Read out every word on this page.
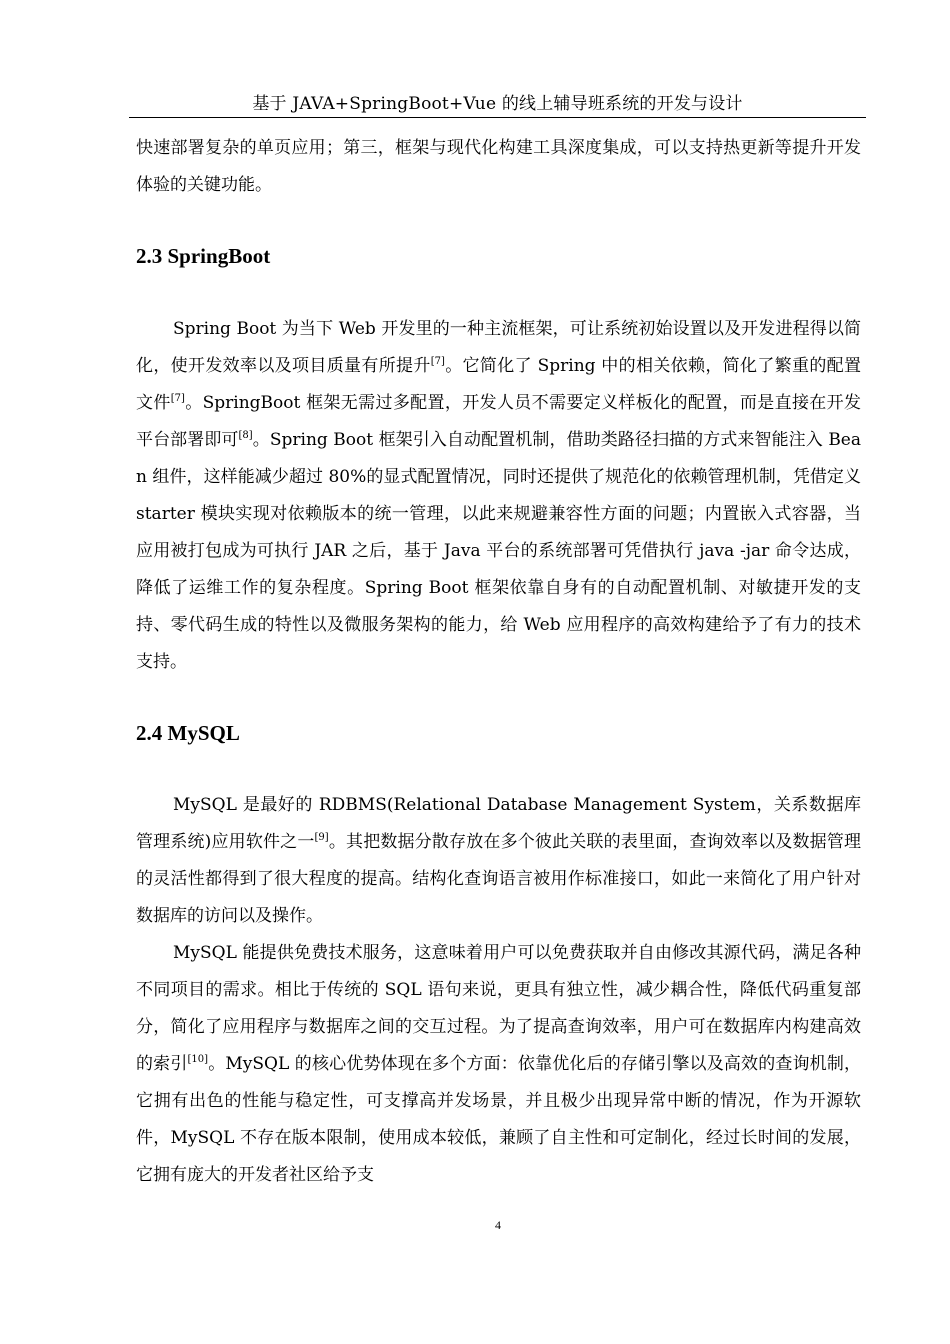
基于 JAVA+SpringBoot+Vue 的线上辅导班系统的开发与设计

快速部署复杂的单页应用；第三，框架与现代化构建工具深度集成，可以支持热更新等提升开发体验的关键功能。

2.3 SpringBoot

Spring Boot 为当下 Web 开发里的一种主流框架，可让系统初始设置以及开发进程得以简化，使开发效率以及项目质量有所提升[7]。它简化了 Spring 中的相关依赖，简化了繁重的配置文件[7]。SpringBoot 框架无需过多配置，开发人员不需要定义样板化的配置，而是直接在开发平台部署即可[8]。Spring Boot 框架引入自动配置机制，借助类路径扫描的方式来智能注入 Bean 组件，这样能减少超过 80%的显式配置情况，同时还提供了规范化的依赖管理机制，凭借定义 starter 模块实现对依赖版本的统一管理，以此来规避兼容性方面的问题；内置嵌入式容器，当应用被打包成为可执行 JAR 之后，基于 Java 平台的系统部署可凭借执行 java -jar 命令达成，降低了运维工作的复杂程度。Spring Boot 框架依靠自身有的自动配置机制、对敏捷开发的支持、零代码生成的特性以及微服务架构的能力，给 Web 应用程序的高效构建给予了有力的技术支持。

2.4 MySQL

MySQL 是最好的 RDBMS(Relational Database Management System，关系数据库管理系统)应用软件之一[9]。其把数据分散存放在多个彼此关联的表里面，查询效率以及数据管理的灵活性都得到了很大程度的提高。结构化查询语言被用作标准接口，如此一来简化了用户针对数据库的访问以及操作。

MySQL 能提供免费技术服务，这意味着用户可以免费获取并自由修改其源代码，满足各种不同项目的需求。相比于传统的 SQL 语句来说，更具有独立性，减少耦合性，降低代码重复部分，简化了应用程序与数据库之间的交互过程。为了提高查询效率，用户可在数据库内构建高效的索引[10]。MySQL 的核心优势体现在多个方面：依靠优化后的存储引擎以及高效的查询机制，它拥有出色的性能与稳定性，可支撑高并发场景，并且极少出现异常中断的情况，作为开源软件，MySQL 不存在版本限制，使用成本较低，兼顾了自主性和可定制化，经过长时间的发展，它拥有庞大的开发者社区给予支

4
